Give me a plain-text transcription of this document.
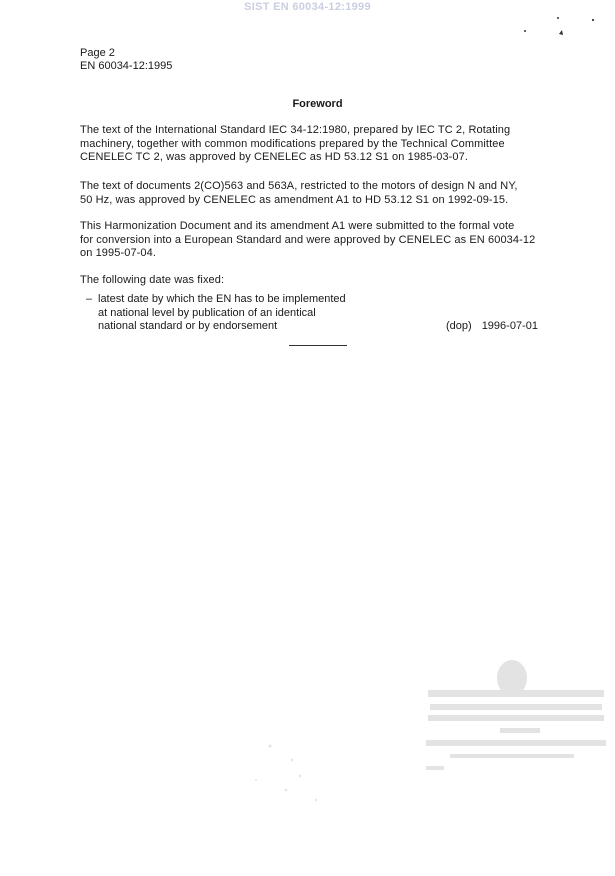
SIST EN 60034-12:1999
Page 2
EN 60034-12:1995
Foreword

The text of the International Standard IEC 34-12:1980, prepared by IEC TC 2, Rotating
machinery, together with common modifications prepared by the Technical Committee
CENELEC TC 2, was approved by CENELEC as HD 53.12 S1 on 1985-03-07.

The text of documents 2(CO)563 and 563A, restricted to the motors of design N and NY,
50 Hz, was approved by CENELEC as amendment A1 to HD 53.12 S1 on 1992-09-15.

This Harmonization Document and its amendment A1 were submitted to the formal vote
for conversion into a European Standard and were approved by CENELEC as EN 60034-12
on 1995-07-04.

The following date was fixed:

– latest date by which the EN has to be implemented
at national level by publication of an identical
national standard or by endorsement	(dop) 1996-07-01
